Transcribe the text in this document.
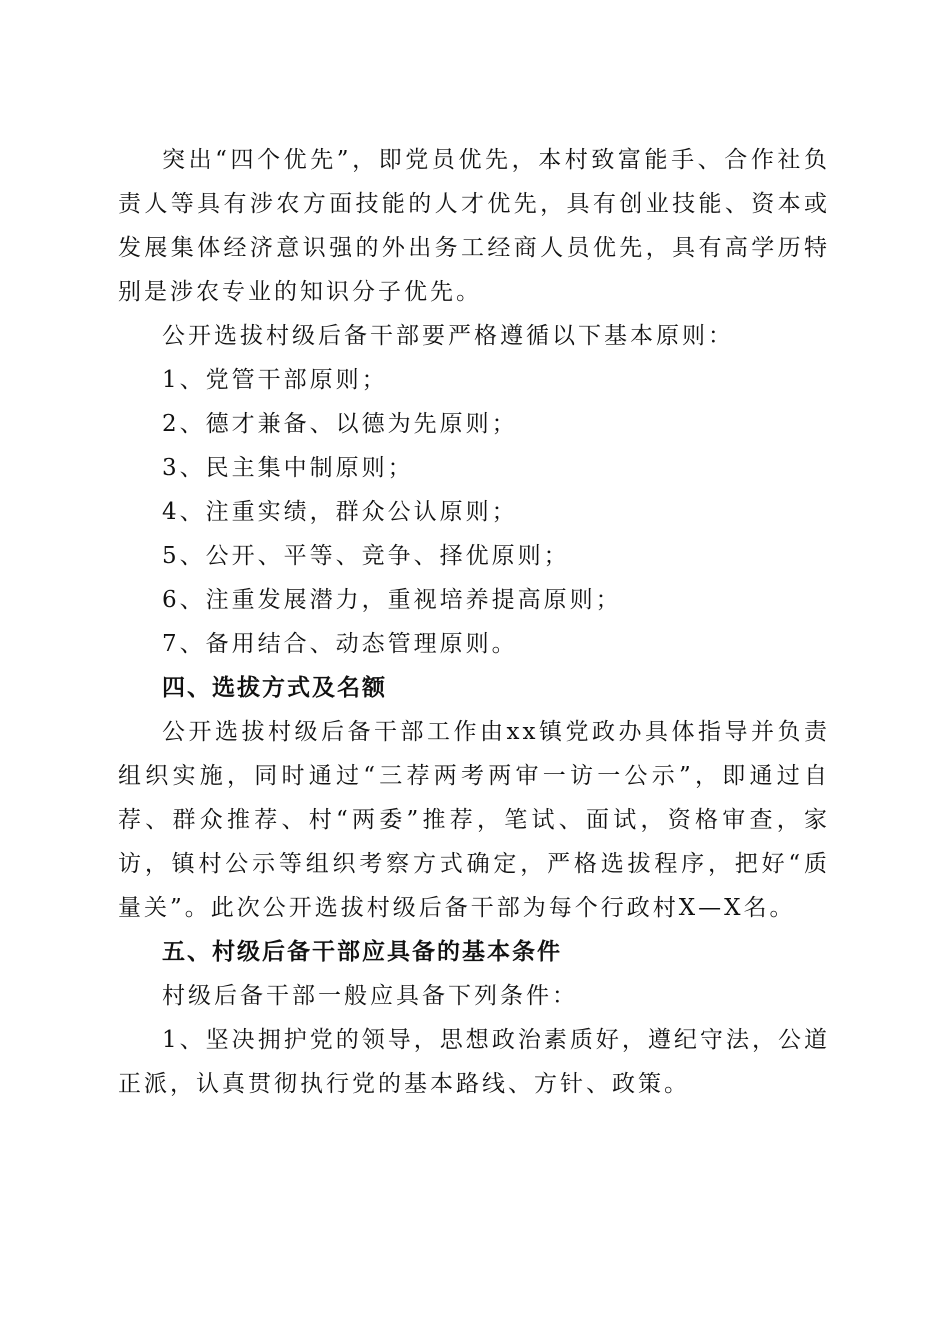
突出“四个优先”，即党员优先，本村致富能手、合作社负责人等具有涉农方面技能的人才优先，具有创业技能、资本或发展集体经济意识强的外出务工经商人员优先，具有高学历特别是涉农专业的知识分子优先。

公开选拔村级后备干部要严格遵循以下基本原则：

1、党管干部原则；

2、德才兼备、以德为先原则；

3、民主集中制原则；

4、注重实绩，群众公认原则；

5、公开、平等、竞争、择优原则；

6、注重发展潜力，重视培养提高原则；

7、备用结合、动态管理原则。

四、选拔方式及名额

公开选拔村级后备干部工作由xx镇党政办具体指导并负责组织实施，同时通过“三荐两考两审一访一公示”，即通过自荐、群众推荐、村“两委”推荐，笔试、面试，资格审查，家访，镇村公示等组织考察方式确定，严格选拔程序，把好“质量关”。此次公开选拔村级后备干部为每个行政村X—X名。

五、村级后备干部应具备的基本条件

村级后备干部一般应具备下列条件：

1、坚决拥护党的领导，思想政治素质好，遵纪守法，公道正派，认真贯彻执行党的基本路线、方针、政策。
